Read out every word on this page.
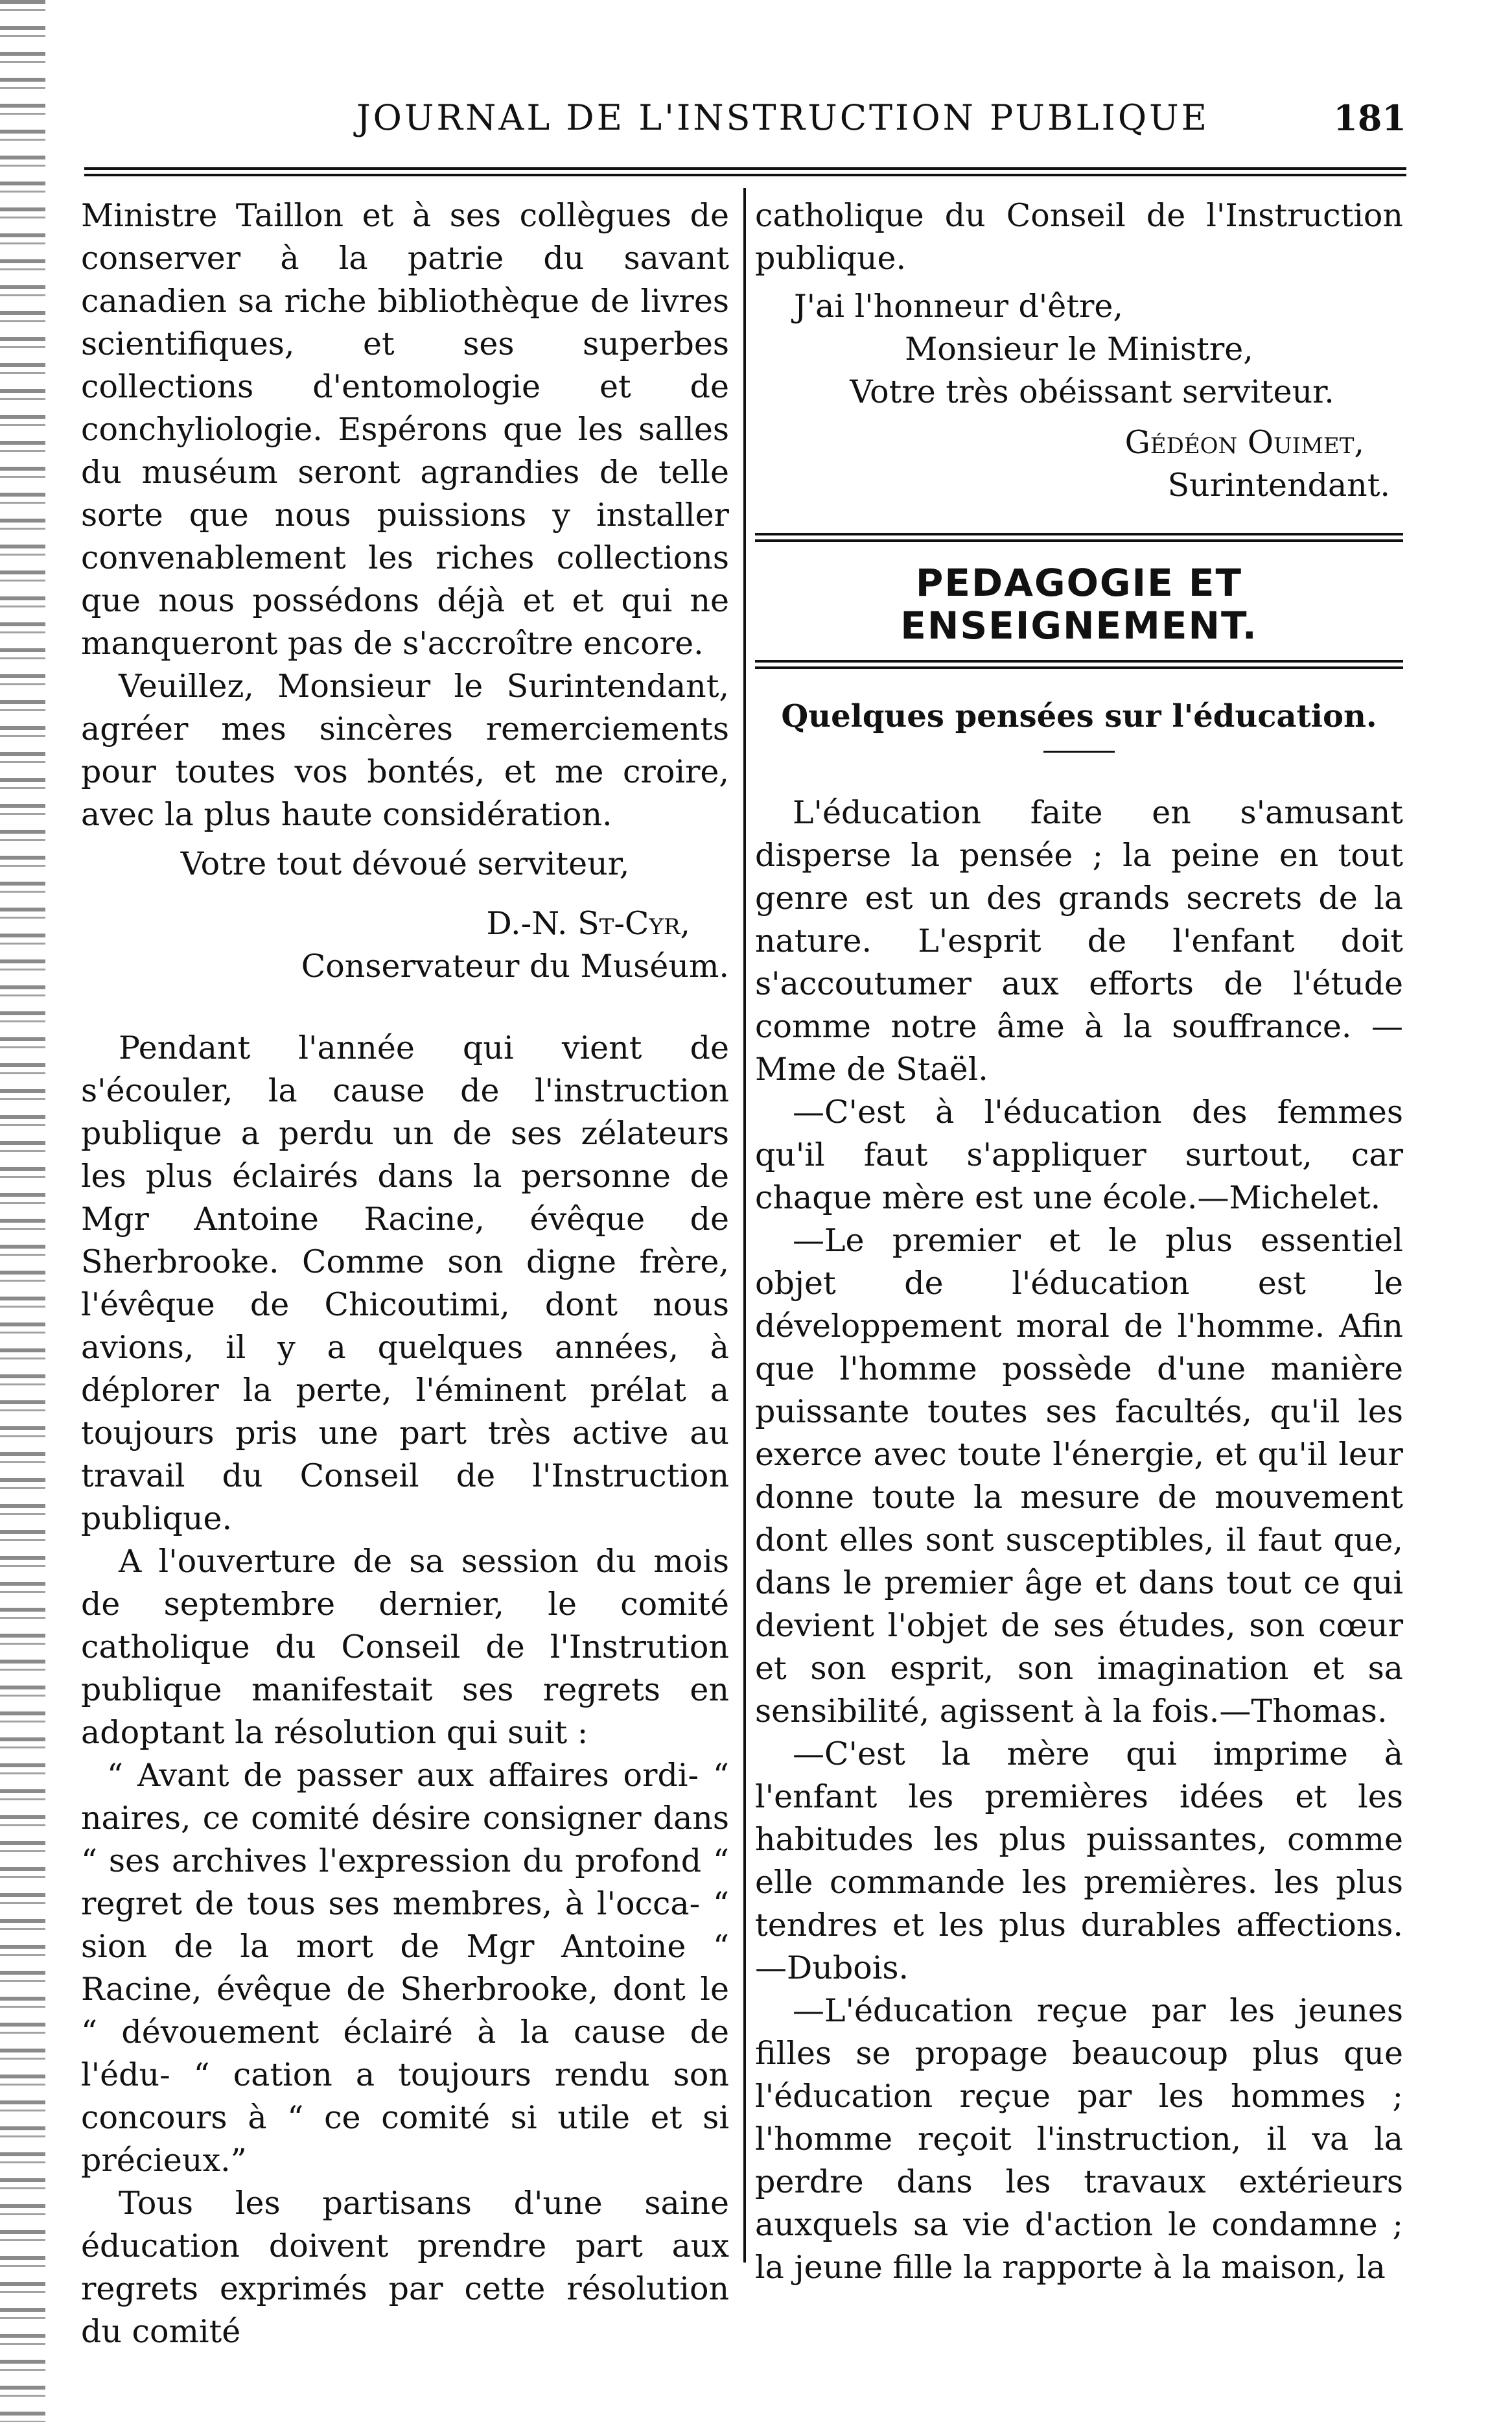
JOURNAL DE L'INSTRUCTION PUBLIQUE	181

Ministre Taillon et à ses collègues de conserver à la patrie du savant canadien sa riche bibliothèque de livres scientifiques, et ses superbes collections d'entomologie et de conchyliologie. Espérons que les salles du muséum seront agrandies de telle sorte que nous puissions y installer convenablement les riches collections que nous possédons déjà et et qui ne manqueront pas de s'accroître encore.

Veuillez, Monsieur le Surintendant, agréer mes sincères remerciements pour toutes vos bontés, et me croire, avec la plus haute considération.

Votre tout dévoué serviteur,

D.-N. St-Cyr,

Conservateur du Muséum.

Pendant l'année qui vient de s'écouler, la cause de l'instruction publique a perdu un de ses zélateurs les plus éclairés dans la personne de Mgr Antoine Racine, évêque de Sherbrooke. Comme son digne frère, l'évêque de Chicoutimi, dont nous avions, il y a quelques années, à déplorer la perte, l'éminent prélat a toujours pris une part très active au travail du Conseil de l'Instruction publique.

A l'ouverture de sa session du mois de septembre dernier, le comité catholique du Conseil de l'Instrution publique manifestait ses regrets en adoptant la résolution qui suit :

“ Avant de passer aux affaires ordi- “ naires, ce comité désire consigner dans “ ses archives l'expression du profond “ regret de tous ses membres, à l'occa- “ sion de la mort de Mgr Antoine “ Racine, évêque de Sherbrooke, dont le “ dévouement éclairé à la cause de l'édu- “ cation a toujours rendu son concours à “ ce comité si utile et si précieux.”

Tous les partisans d'une saine éducation doivent prendre part aux regrets exprimés par cette résolution du comité

catholique du Conseil de l'Instruction publique.

J'ai l'honneur d'être,

Monsieur le Ministre,

Votre très obéissant serviteur.

Gédéon Ouimet,

Surintendant.

PEDAGOGIE ET ENSEIGNEMENT.
Quelques pensées sur l'éducation.

L'éducation faite en s'amusant disperse la pensée ; la peine en tout genre est un des grands secrets de la nature. L'esprit de l'enfant doit s'accoutumer aux efforts de l'étude comme notre âme à la souffrance. — Mme de Staël.

—C'est à l'éducation des femmes qu'il faut s'appliquer surtout, car chaque mère est une école.—Michelet.

—Le premier et le plus essentiel objet de l'éducation est le développement moral de l'homme. Afin que l'homme possède d'une manière puissante toutes ses facultés, qu'il les exerce avec toute l'énergie, et qu'il leur donne toute la mesure de mouvement dont elles sont susceptibles, il faut que, dans le premier âge et dans tout ce qui devient l'objet de ses études, son cœur et son esprit, son imagination et sa sensibilité, agissent à la fois.—Thomas.

—C'est la mère qui imprime à l'enfant les premières idées et les habitudes les plus puissantes, comme elle commande les premières. les plus tendres et les plus durables affections.—Dubois.

—L'éducation reçue par les jeunes filles se propage beaucoup plus que l'éducation reçue par les hommes ; l'homme reçoit l'instruction, il va la perdre dans les travaux extérieurs auxquels sa vie d'action le condamne ; la jeune fille la rapporte à la maison, la
